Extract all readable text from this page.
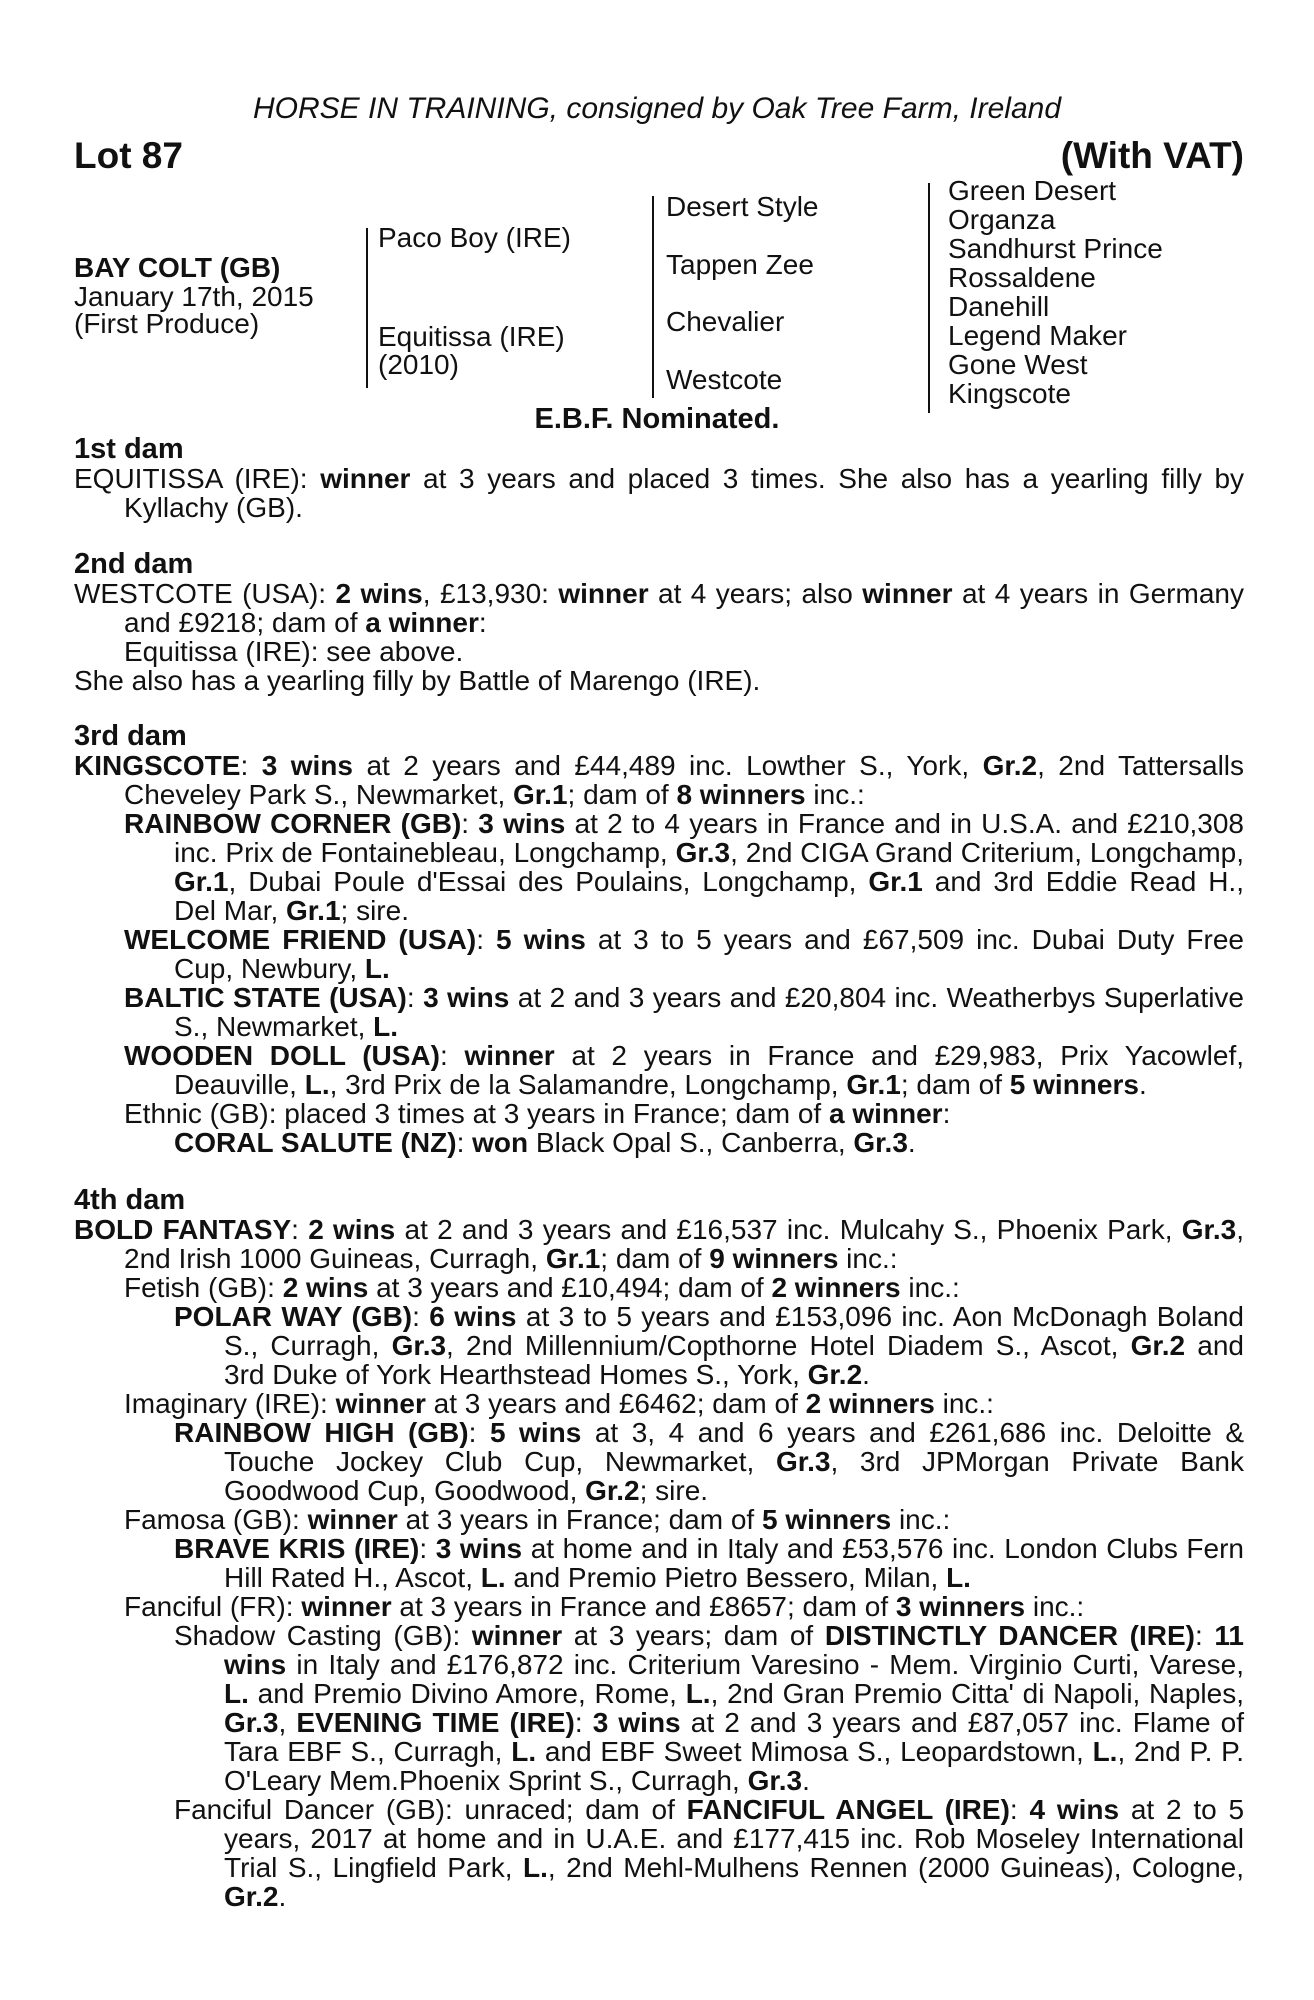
HORSE IN TRAINING, consigned by Oak Tree Farm, Ireland
Lot 87	(With VAT)
BAY COLT (GB)
January 17th, 2015
(First Produce)
Paco Boy (IRE)
Equitissa (IRE)
(2010)
Desert Style
Tappen Zee
Chevalier
Westcote
Green Desert
Organza
Sandhurst Prince
Rossaldene
Danehill
Legend Maker
Gone West
Kingscote
E.B.F. Nominated.
1st dam

EQUITISSA (IRE): winner at 3 years and placed 3 times. She also has a yearling filly by Kyllachy (GB).

2nd dam

WESTCOTE (USA): 2 wins, £13,930: winner at 4 years; also winner at 4 years in Germany and £9218; dam of a winner:

Equitissa (IRE): see above.

She also has a yearling filly by Battle of Marengo (IRE).

3rd dam

KINGSCOTE: 3 wins at 2 years and £44,489 inc. Lowther S., York, Gr.2, 2nd Tattersalls Cheveley Park S., Newmarket, Gr.1; dam of 8 winners inc.:

RAINBOW CORNER (GB): 3 wins at 2 to 4 years in France and in U.S.A. and £210,308 inc. Prix de Fontainebleau, Longchamp, Gr.3, 2nd CIGA Grand Criterium, Longchamp, Gr.1, Dubai Poule d'Essai des Poulains, Longchamp, Gr.1 and 3rd Eddie Read H., Del Mar, Gr.1; sire.

WELCOME FRIEND (USA): 5 wins at 3 to 5 years and £67,509 inc. Dubai Duty Free Cup, Newbury, L.

BALTIC STATE (USA): 3 wins at 2 and 3 years and £20,804 inc. Weatherbys Superlative S., Newmarket, L.

WOODEN DOLL (USA): winner at 2 years in France and £29,983, Prix Yacowlef, Deauville, L., 3rd Prix de la Salamandre, Longchamp, Gr.1; dam of 5 winners.

Ethnic (GB): placed 3 times at 3 years in France; dam of a winner:

CORAL SALUTE (NZ): won Black Opal S., Canberra, Gr.3.

4th dam

BOLD FANTASY: 2 wins at 2 and 3 years and £16,537 inc. Mulcahy S., Phoenix Park, Gr.3, 2nd Irish 1000 Guineas, Curragh, Gr.1; dam of 9 winners inc.:

Fetish (GB): 2 wins at 3 years and £10,494; dam of 2 winners inc.:

POLAR WAY (GB): 6 wins at 3 to 5 years and £153,096 inc. Aon McDonagh Boland S., Curragh, Gr.3, 2nd Millennium/Copthorne Hotel Diadem S., Ascot, Gr.2 and 3rd Duke of York Hearthstead Homes S., York, Gr.2.

Imaginary (IRE): winner at 3 years and £6462; dam of 2 winners inc.:

RAINBOW HIGH (GB): 5 wins at 3, 4 and 6 years and £261,686 inc. Deloitte & Touche Jockey Club Cup, Newmarket, Gr.3, 3rd JPMorgan Private Bank Goodwood Cup, Goodwood, Gr.2; sire.

Famosa (GB): winner at 3 years in France; dam of 5 winners inc.:

BRAVE KRIS (IRE): 3 wins at home and in Italy and £53,576 inc. London Clubs Fern Hill Rated H., Ascot, L. and Premio Pietro Bessero, Milan, L.

Fanciful (FR): winner at 3 years in France and £8657; dam of 3 winners inc.:

Shadow Casting (GB): winner at 3 years; dam of DISTINCTLY DANCER (IRE): 11 wins in Italy and £176,872 inc. Criterium Varesino - Mem. Virginio Curti, Varese, L. and Premio Divino Amore, Rome, L., 2nd Gran Premio Citta' di Napoli, Naples, Gr.3, EVENING TIME (IRE): 3 wins at 2 and 3 years and £87,057 inc. Flame of Tara EBF S., Curragh, L. and EBF Sweet Mimosa S., Leopardstown, L., 2nd P. P. O'Leary Mem.Phoenix Sprint S., Curragh, Gr.3.

Fanciful Dancer (GB): unraced; dam of FANCIFUL ANGEL (IRE): 4 wins at 2 to 5 years, 2017 at home and in U.A.E. and £177,415 inc. Rob Moseley International Trial S., Lingfield Park, L., 2nd Mehl-Mulhens Rennen (2000 Guineas), Cologne, Gr.2.
